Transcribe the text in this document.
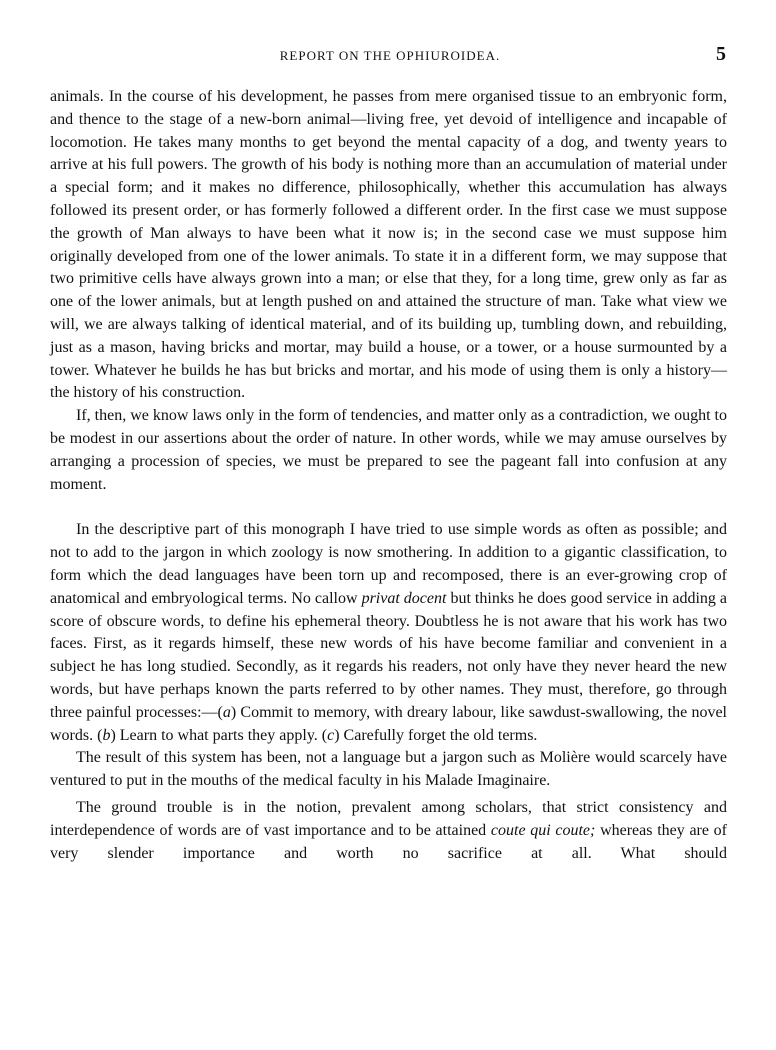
REPORT ON THE OPHIUROIDEA.	5

animals. In the course of his development, he passes from mere organised tissue to an embryonic form, and thence to the stage of a new-born animal—living free, yet devoid of intelligence and incapable of locomotion. He takes many months to get beyond the mental capacity of a dog, and twenty years to arrive at his full powers. The growth of his body is nothing more than an accumulation of material under a special form; and it makes no difference, philosophically, whether this accumulation has always followed its present order, or has formerly followed a different order. In the first case we must suppose the growth of Man always to have been what it now is; in the second case we must suppose him originally developed from one of the lower animals. To state it in a different form, we may suppose that two primitive cells have always grown into a man; or else that they, for a long time, grew only as far as one of the lower animals, but at length pushed on and attained the structure of man. Take what view we will, we are always talking of identical material, and of its building up, tumbling down, and rebuilding, just as a mason, having bricks and mortar, may build a house, or a tower, or a house surmounted by a tower. Whatever he builds he has but bricks and mortar, and his mode of using them is only a history—the history of his construction.

If, then, we know laws only in the form of tendencies, and matter only as a contradiction, we ought to be modest in our assertions about the order of nature. In other words, while we may amuse ourselves by arranging a procession of species, we must be prepared to see the pageant fall into confusion at any moment.

In the descriptive part of this monograph I have tried to use simple words as often as possible; and not to add to the jargon in which zoology is now smothering. In addition to a gigantic classification, to form which the dead languages have been torn up and recomposed, there is an ever-growing crop of anatomical and embryological terms. No callow privat docent but thinks he does good service in adding a score of obscure words, to define his ephemeral theory. Doubtless he is not aware that his work has two faces. First, as it regards himself, these new words of his have become familiar and convenient in a subject he has long studied. Secondly, as it regards his readers, not only have they never heard the new words, but have perhaps known the parts referred to by other names. They must, therefore, go through three painful processes:—(a) Commit to memory, with dreary labour, like sawdust-swallowing, the novel words. (b) Learn to what parts they apply. (c) Carefully forget the old terms.

The result of this system has been, not a language but a jargon such as Molière would scarcely have ventured to put in the mouths of the medical faculty in his Malade Imaginaire.

The ground trouble is in the notion, prevalent among scholars, that strict consistency and interdependence of words are of vast importance and to be attained coute qui coute; whereas they are of very slender importance and worth no sacrifice at all. What should
